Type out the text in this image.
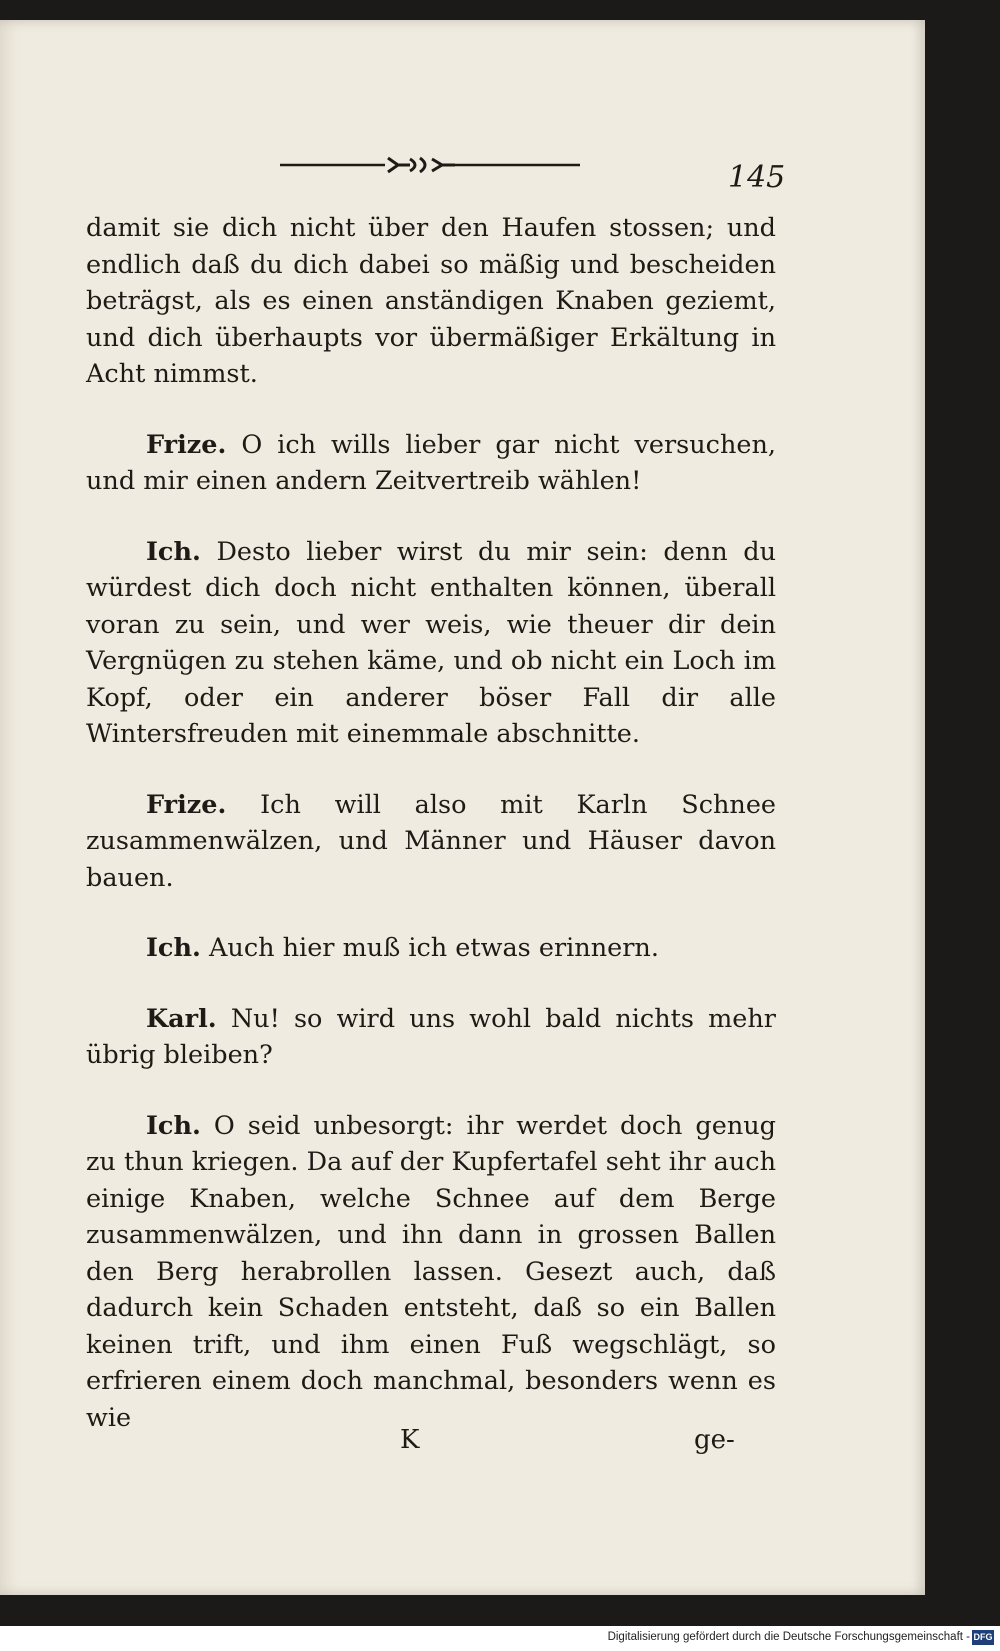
145

damit sie dich nicht über den Haufen stossen; und endlich daß du dich dabei so mäßig und bescheiden beträgst, als es einen anständigen Knaben geziemt, und dich überhaupts vor übermäßiger Erkältung in Acht nimmst.

Frize. O ich wills lieber gar nicht versuchen, und mir einen andern Zeitvertreib wählen!

Ich. Desto lieber wirst du mir sein: denn du würdest dich doch nicht enthalten können, überall voran zu sein, und wer weis, wie theuer dir dein Vergnügen zu stehen käme, und ob nicht ein Loch im Kopf, oder ein anderer böser Fall dir alle Wintersfreuden mit einemmale abschnitte.

Frize. Ich will also mit Karln Schnee zusammenwälzen, und Männer und Häuser davon bauen.

Ich. Auch hier muß ich etwas erinnern.

Karl. Nu! so wird uns wohl bald nichts mehr übrig bleiben?

Ich. O seid unbesorgt: ihr werdet doch genug zu thun kriegen. Da auf der Kupfertafel seht ihr auch einige Knaben, welche Schnee auf dem Berge zusammenwälzen, und ihn dann in grossen Ballen den Berg herabrollen lassen. Gesezt auch, daß dadurch kein Schaden entsteht, daß so ein Ballen keinen trift, und ihm einen Fuß wegschlägt, so erfrieren einem doch manchmal, besonders wenn es wie

K	ge-
Digitalisierung gefördert durch die Deutsche Forschungsgemeinschaft - DFG
